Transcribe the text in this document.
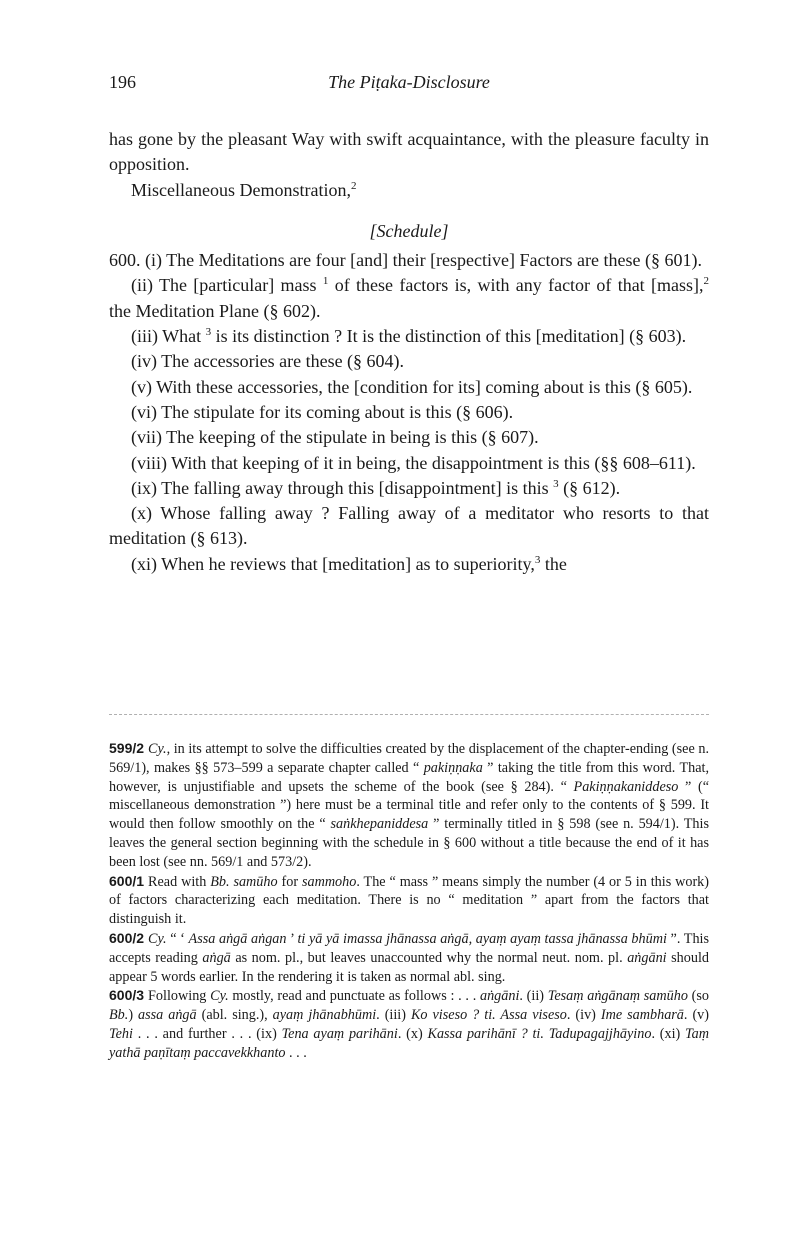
196	The Piṭaka-Disclosure

has gone by the pleasant Way with swift acquaintance, with the pleasure faculty in opposition.

Miscellaneous Demonstration,$^2$

[Schedule]

600. (i) The Meditations are four [and] their [respective] Factors are these (§ 601).

(ii) The [particular] mass $^1$ of these factors is, with any factor of that [mass],$^2$ the Meditation Plane (§ 602).

(iii) What $^3$ is its distinction ? It is the distinction of this [meditation] (§ 603).

(iv) The accessories are these (§ 604).

(v) With these accessories, the [condition for its] coming about is this (§ 605).

(vi) The stipulate for its coming about is this (§ 606).

(vii) The keeping of the stipulate in being is this (§ 607).

(viii) With that keeping of it in being, the disappointment is this (§§ 608–611).

(ix) The falling away through this [disappointment] is this $^3$ (§ 612).

(x) Whose falling away ? Falling away of a meditator who resorts to that meditation (§ 613).

(xi) When he reviews that [meditation] as to superiority,$^3$ the

599/2 Cy., in its attempt to solve the difficulties created by the displacement of the chapter-ending (see n. 569/1), makes §§ 573–599 a separate chapter called “ pakiṇṇaka ” taking the title from this word. That, however, is unjustifiable and upsets the scheme of the book (see § 284). “ Pakiṇṇakaniddeso ” (“ miscellaneous demonstration ”) here must be a terminal title and refer only to the contents of § 599. It would then follow smoothly on the “ saṅkhepaniddesa ” terminally titled in § 598 (see n. 594/1). This leaves the general section beginning with the schedule in § 600 without a title because the end of it has been lost (see nn. 569/1 and 573/2).

600/1 Read with Bb. samūho for sammoho. The “ mass ” means simply the number (4 or 5 in this work) of factors characterizing each meditation. There is no “ meditation ” apart from the factors that distinguish it.

600/2 Cy. “ ‘ Assa aṅgā aṅgan ’ ti yā yā imassa jhānassa aṅgā, ayaṃ ayaṃ tassa jhānassa bhūmi ”. This accepts reading aṅgā as nom. pl., but leaves unaccounted why the normal neut. nom. pl. aṅgāni should appear 5 words earlier. In the rendering it is taken as normal abl. sing.

600/3 Following Cy. mostly, read and punctuate as follows : . . . aṅgāni. (ii) Tesaṃ aṅgānaṃ samūho (so Bb.) assa aṅgā (abl. sing.), ayaṃ jhānabhūmi. (iii) Ko viseso ? ti. Assa viseso. (iv) Ime sambharā. (v) Tehi . . . and further . . . (ix) Tena ayaṃ parihāni. (x) Kassa parihānī ? ti. Tadupagajjhāyino. (xi) Taṃ yathā paṇītaṃ paccavekkhanto . . .
